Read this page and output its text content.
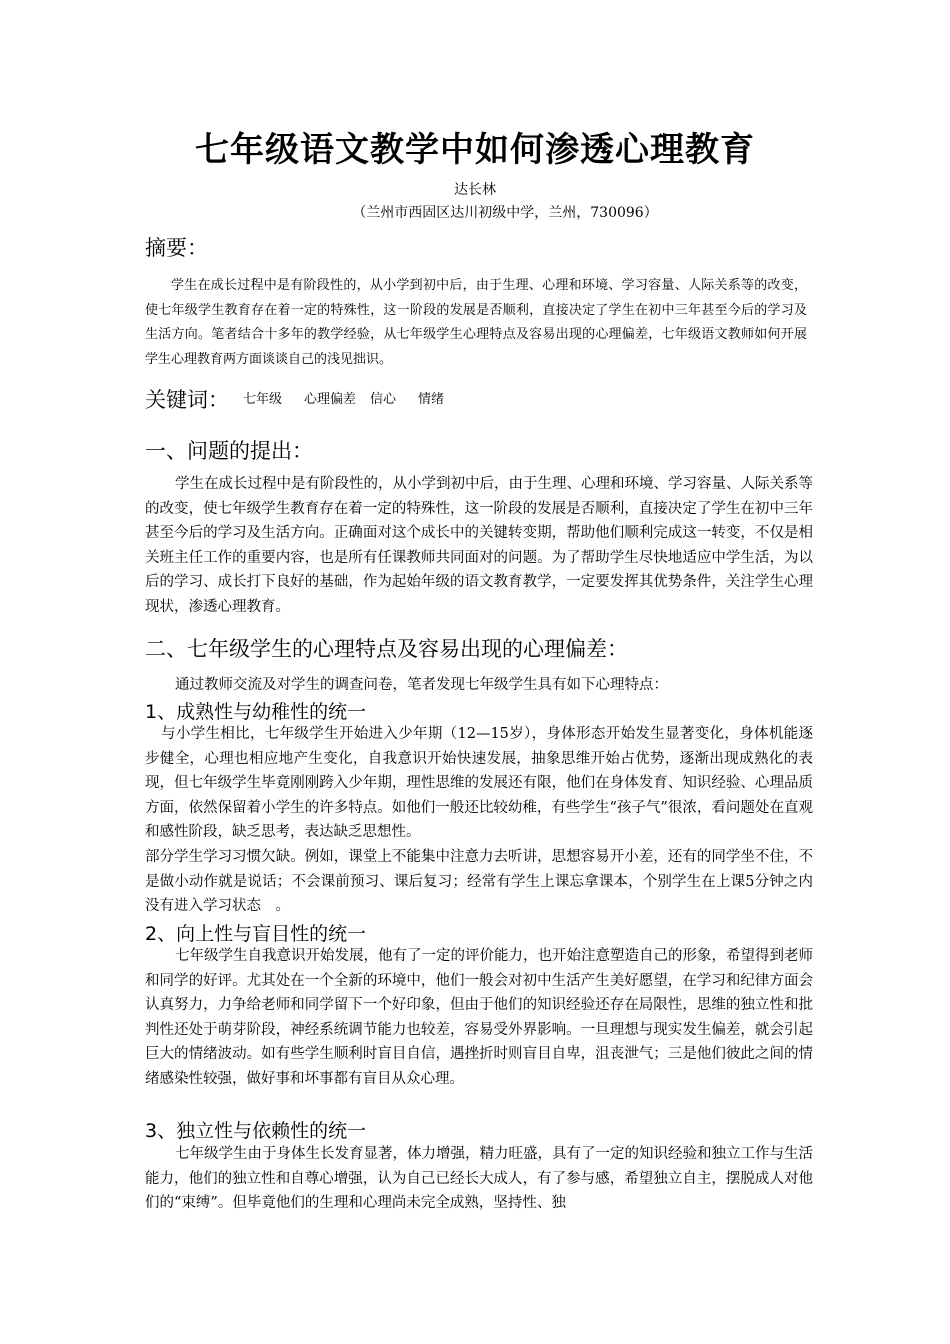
七年级语文教学中如何渗透心理教育
达长林
（兰州市西固区达川初级中学，兰州，730096）
摘要：
学生在成长过程中是有阶段性的，从小学到初中后，由于生理、心理和环境、学习容量、人际关系等的改变，使七年级学生教育存在着一定的特殊性，这一阶段的发展是否顺利，直接决定了学生在初中三年甚至今后的学习及生活方向。笔者结合十多年的教学经验，从七年级学生心理特点及容易出现的心理偏差，七年级语文教师如何开展学生心理教育两方面谈谈自己的浅见拙识。
关键词： 七年级 心理偏差 信心 情绪
一、问题的提出：
学生在成长过程中是有阶段性的，从小学到初中后，由于生理、心理和环境、学习容量、人际关系等的改变，使七年级学生教育存在着一定的特殊性，这一阶段的发展是否顺利，直接决定了学生在初中三年甚至今后的学习及生活方向。正确面对这个成长中的关键转变期，帮助他们顺利完成这一转变，不仅是相关班主任工作的重要内容，也是所有任课教师共同面对的问题。为了帮助学生尽快地适应中学生活，为以后的学习、成长打下良好的基础，作为起始年级的语文教育教学，一定要发挥其优势条件，关注学生心理现状，渗透心理教育。
二、七年级学生的心理特点及容易出现的心理偏差：
通过教师交流及对学生的调查问卷，笔者发现七年级学生具有如下心理特点：
1、成熟性与幼稚性的统一
与小学生相比，七年级学生开始进入少年期（12—15岁），身体形态开始发生显著变化，身体机能逐步健全，心理也相应地产生变化，自我意识开始快速发展，抽象思维开始占优势，逐渐出现成熟化的表现，但七年级学生毕竟刚刚跨入少年期，理性思维的发展还有限，他们在身体发育、知识经验、心理品质方面，依然保留着小学生的许多特点。如他们一般还比较幼稚，有些学生“孩子气”很浓，看问题处在直观和感性阶段，缺乏思考，表达缺乏思想性。
部分学生学习习惯欠缺。例如，课堂上不能集中注意力去听讲，思想容易开小差，还有的同学坐不住，不是做小动作就是说话；不会课前预习、课后复习；经常有学生上课忘拿课本，个别学生在上课5分钟之内没有进入学习状态　。
2、向上性与盲目性的统一
七年级学生自我意识开始发展，他有了一定的评价能力，也开始注意塑造自己的形象，希望得到老师和同学的好评。尤其处在一个全新的环境中，他们一般会对初中生活产生美好愿望，在学习和纪律方面会认真努力，力争给老师和同学留下一个好印象，但由于他们的知识经验还存在局限性，思维的独立性和批判性还处于萌芽阶段，神经系统调节能力也较差，容易受外界影响。一旦理想与现实发生偏差，就会引起巨大的情绪波动。如有些学生顺利时盲目自信，遇挫折时则盲目自卑，沮丧泄气；三是他们彼此之间的情绪感染性较强，做好事和坏事都有盲目从众心理。
3、独立性与依赖性的统一
七年级学生由于身体生长发育显著，体力增强，精力旺盛，具有了一定的知识经验和独立工作与生活能力，他们的独立性和自尊心增强，认为自己已经长大成人，有了参与感，希望独立自主，摆脱成人对他们的“束缚”。但毕竟他们的生理和心理尚未完全成熟，坚持性、独
